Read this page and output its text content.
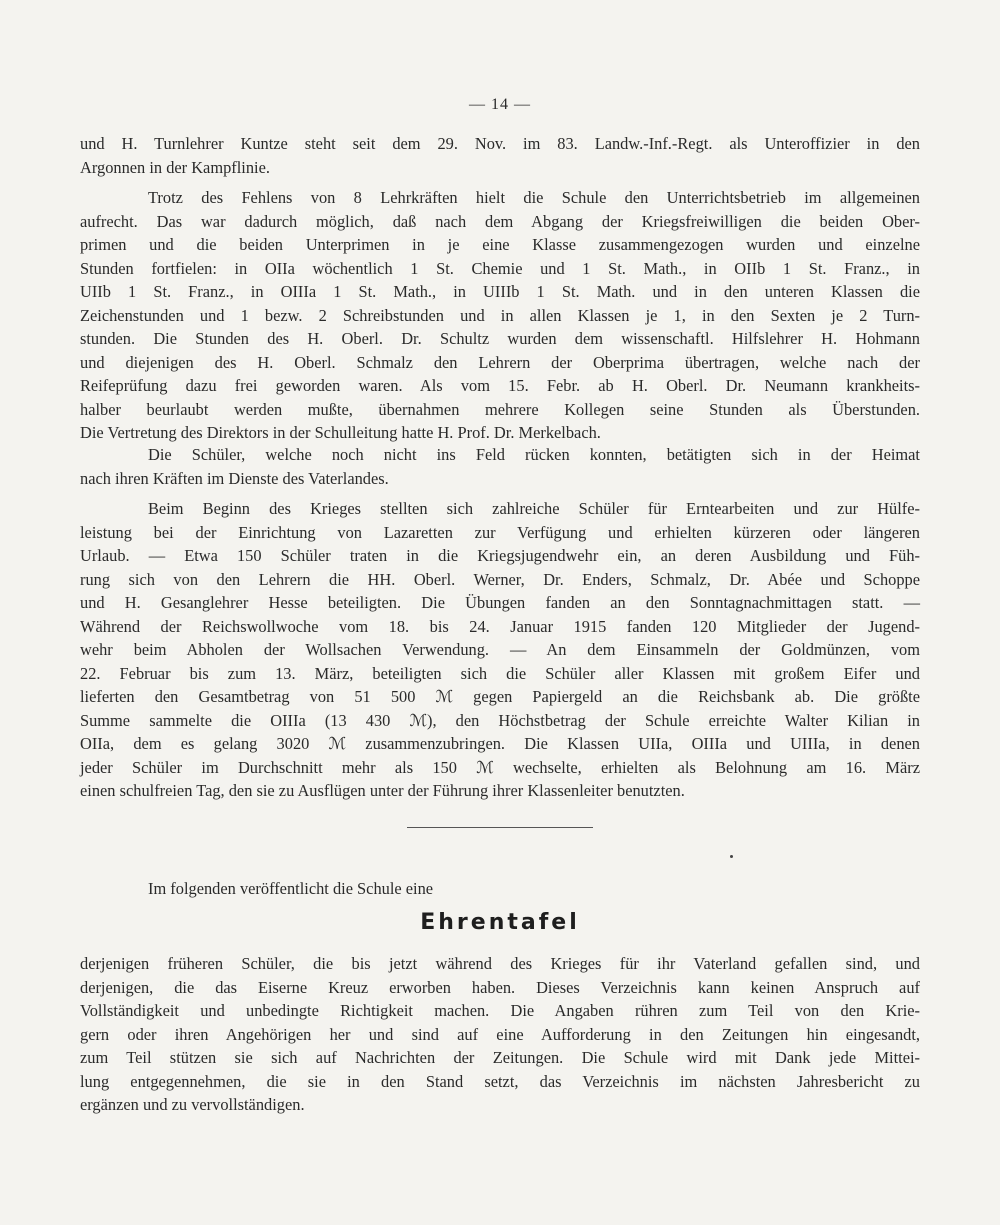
— 14 —
und H. Turnlehrer Kuntze steht seit dem 29. Nov. im 83. Landw.-Inf.-Regt. als Unteroffizier in den
Argonnen in der Kampflinie.
Trotz des Fehlens von 8 Lehrkräften hielt die Schule den Unterrichtsbetrieb im allgemeinen
aufrecht. Das war dadurch möglich, daß nach dem Abgang der Kriegsfreiwilligen die beiden Ober-
primen und die beiden Unterprimen in je eine Klasse zusammengezogen wurden und einzelne
Stunden fortfielen: in OIIa wöchentlich 1 St. Chemie und 1 St. Math., in OIIb 1 St. Franz., in
UIIb 1 St. Franz., in OIIIa 1 St. Math., in UIIIb 1 St. Math. und in den unteren Klassen die
Zeichenstunden und 1 bezw. 2 Schreibstunden und in allen Klassen je 1, in den Sexten je 2 Turn-
stunden. Die Stunden des H. Oberl. Dr. Schultz wurden dem wissenschaftl. Hilfslehrer H. Hohmann
und diejenigen des H. Oberl. Schmalz den Lehrern der Oberprima übertragen, welche nach der
Reifeprüfung dazu frei geworden waren. Als vom 15. Febr. ab H. Oberl. Dr. Neumann krankheits-
halber beurlaubt werden mußte, übernahmen mehrere Kollegen seine Stunden als Überstunden.
Die Vertretung des Direktors in der Schulleitung hatte H. Prof. Dr. Merkelbach.
Die Schüler, welche noch nicht ins Feld rücken konnten, betätigten sich in der Heimat
nach ihren Kräften im Dienste des Vaterlandes.
Beim Beginn des Krieges stellten sich zahlreiche Schüler für Erntearbeiten und zur Hülfe-
leistung bei der Einrichtung von Lazaretten zur Verfügung und erhielten kürzeren oder längeren
Urlaub. — Etwa 150 Schüler traten in die Kriegsjugendwehr ein, an deren Ausbildung und Füh-
rung sich von den Lehrern die HH. Oberl. Werner, Dr. Enders, Schmalz, Dr. Abée und Schoppe
und H. Gesanglehrer Hesse beteiligten. Die Übungen fanden an den Sonntagnachmittagen statt. —
Während der Reichswollwoche vom 18. bis 24. Januar 1915 fanden 120 Mitglieder der Jugend-
wehr beim Abholen der Wollsachen Verwendung. — An dem Einsammeln der Goldmünzen, vom
22. Februar bis zum 13. März, beteiligten sich die Schüler aller Klassen mit großem Eifer und
lieferten den Gesamtbetrag von 51 500 ℳ gegen Papiergeld an die Reichsbank ab. Die größte
Summe sammelte die OIIIa (13 430 ℳ), den Höchstbetrag der Schule erreichte Walter Kilian in
OIIa, dem es gelang 3020 ℳ zusammenzubringen. Die Klassen UIIa, OIIIa und UIIIa, in denen
jeder Schüler im Durchschnitt mehr als 150 ℳ wechselte, erhielten als Belohnung am 16. März
einen schulfreien Tag, den sie zu Ausflügen unter der Führung ihrer Klassenleiter benutzten.
Im folgenden veröffentlicht die Schule eine
Ehrentafel
derjenigen früheren Schüler, die bis jetzt während des Krieges für ihr Vaterland gefallen sind, und
derjenigen, die das Eiserne Kreuz erworben haben. Dieses Verzeichnis kann keinen Anspruch auf
Vollständigkeit und unbedingte Richtigkeit machen. Die Angaben rühren zum Teil von den Krie-
gern oder ihren Angehörigen her und sind auf eine Aufforderung in den Zeitungen hin eingesandt,
zum Teil stützen sie sich auf Nachrichten der Zeitungen. Die Schule wird mit Dank jede Mittei-
lung entgegennehmen, die sie in den Stand setzt, das Verzeichnis im nächsten Jahresbericht zu
ergänzen und zu vervollständigen.
